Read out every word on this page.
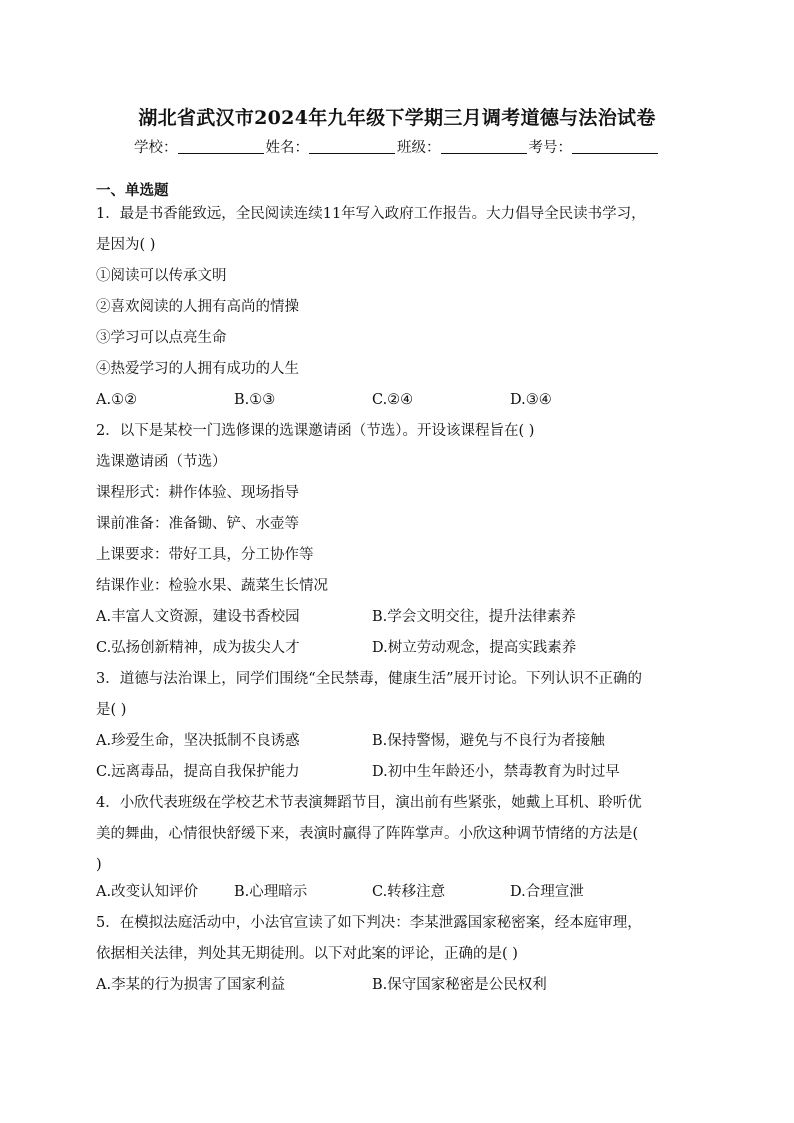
湖北省武汉市2024年九年级下学期三月调考道德与法治试卷
学校：	姓名：	班级：	考号：
一、单选题
1．最是书香能致远，全民阅读连续11年写入政府工作报告。大力倡导全民读书学习，
是因为( )
①阅读可以传承文明
②喜欢阅读的人拥有高尚的情操
③学习可以点亮生命
④热爱学习的人拥有成功的人生
A.①②	B.①③	C.②④	D.③④
2．以下是某校一门选修课的选课邀请函（节选）。开设该课程旨在( )
选课邀请函（节选）
课程形式：耕作体验、现场指导
课前准备：准备锄、铲、水壶等
上课要求：带好工具，分工协作等
结课作业：检验水果、蔬菜生长情况
A.丰富人文资源，建设书香校园	B.学会文明交往，提升法律素养
C.弘扬创新精神，成为拔尖人才	D.树立劳动观念，提高实践素养
3．道德与法治课上，同学们围绕“全民禁毒，健康生活”展开讨论。下列认识不正确的
是( )
A.珍爱生命，坚决抵制不良诱惑	B.保持警惕，避免与不良行为者接触
C.远离毒品，提高自我保护能力	D.初中生年龄还小，禁毒教育为时过早
4．小欣代表班级在学校艺术节表演舞蹈节目，演出前有些紧张，她戴上耳机、聆听优
美的舞曲，心情很快舒缓下来，表演时赢得了阵阵掌声。小欣这种调节情绪的方法是(
)
A.改变认知评价 B.心理暗示	C.转移注意	D.合理宣泄
5．在模拟法庭活动中，小法官宣读了如下判决：李某泄露国家秘密案，经本庭审理，
依据相关法律，判处其无期徒刑。以下对此案的评论，正确的是( )
A.李某的行为损害了国家利益	B.保守国家秘密是公民权利
